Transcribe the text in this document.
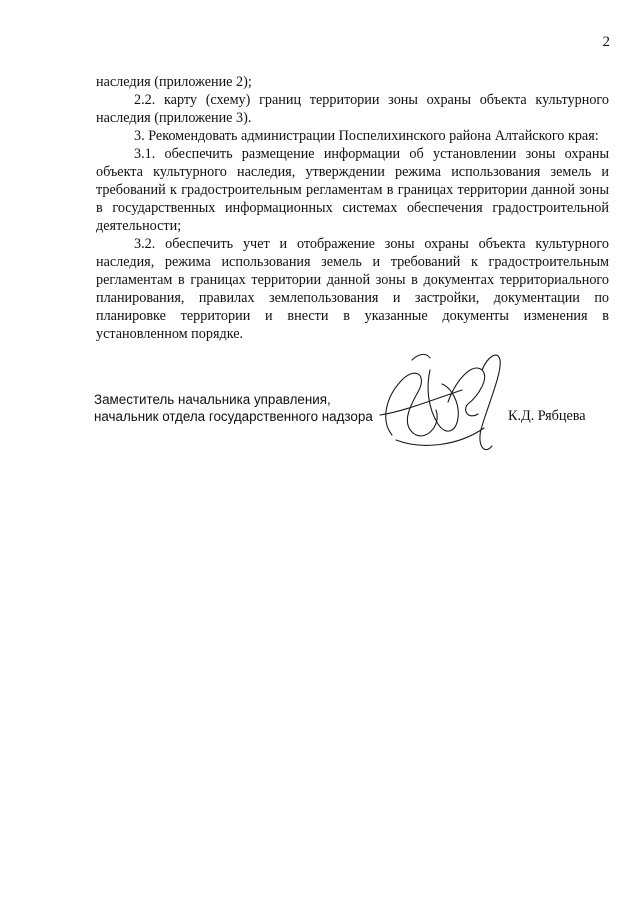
2

наследия (приложение 2);

2.2. карту (схему) границ территории зоны охраны объекта культурного наследия (приложение 3).

3. Рекомендовать администрации Поспелихинского района Алтайского края:

3.1. обеспечить размещение информации об установлении зоны охраны объекта культурного наследия, утверждении режима использования земель и требований к градостроительным регламентам в границах территории данной зоны в государственных информационных системах обеспечения градостроительной деятельности;

3.2. обеспечить учет и отображение зоны охраны объекта культурного наследия, режима использования земель и требований к градостроительным регламентам в границах территории данной зоны в документах территориального планирования, правилах землепользования и застройки, документации по планировке территории и внести в указанные документы изменения в установленном порядке.

Заместитель начальника управления,
начальник отдела государственного надзора	К.Д. Рябцева
